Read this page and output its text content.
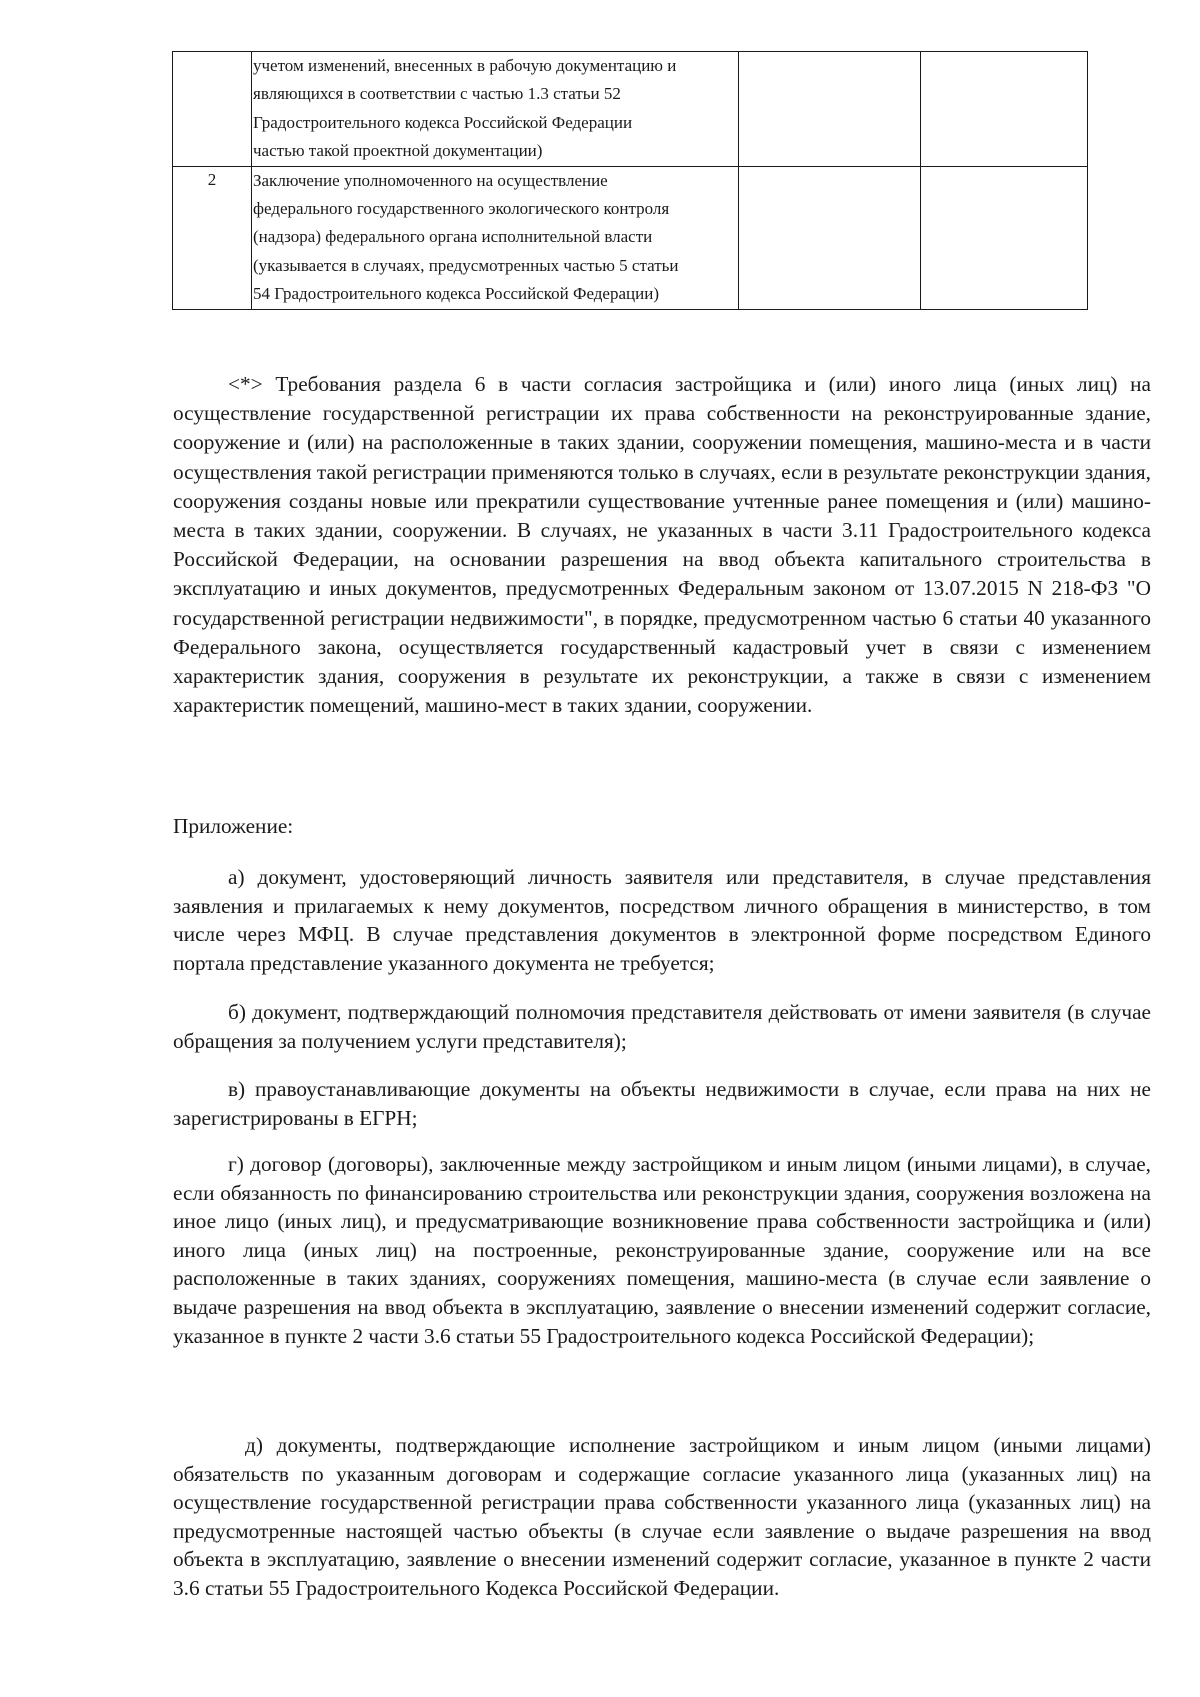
	учетом изменений, внесенных в рабочую документацию и
являющихся в соответствии с частью 1.3 статьи 52
Градостроительного кодекса Российской Федерации
частью такой проектной документации)		

2	Заключение уполномоченного на осуществление
федерального государственного экологического контроля
(надзора) федерального органа исполнительной власти
(указывается в случаях, предусмотренных частью 5 статьи
54 Градостроительного кодекса Российской Федерации)		

<*> Требования раздела 6 в части согласия застройщика и (или) иного лица (иных лиц) на осуществление государственной регистрации их права собственности на реконструированные здание, сооружение и (или) на расположенные в таких здании, сооружении помещения, машино-места и в части осуществления такой регистрации применяются только в случаях, если в результате реконструкции здания, сооружения созданы новые или прекратили существование учтенные ранее помещения и (или) машино-места в таких здании, сооружении. В случаях, не указанных в части 3.11 Градостроительного кодекса Российской Федерации, на основании разрешения на ввод объекта капитального строительства в эксплуатацию и иных документов, предусмотренных Федеральным законом от 13.07.2015 N 218-ФЗ "О государственной регистрации недвижимости", в порядке, предусмотренном частью 6 статьи 40 указанного Федерального закона, осуществляется государственный кадастровый учет в связи с изменением характеристик здания, сооружения в результате их реконструкции, а также в связи с изменением характеристик помещений, машино-мест в таких здании, сооружении.

Приложение:

а) документ, удостоверяющий личность заявителя или представителя, в случае представления заявления и прилагаемых к нему документов, посредством личного обращения в министерство, в том числе через МФЦ. В случае представления документов в электронной форме посредством Единого портала представление указанного документа не требуется;

б) документ, подтверждающий полномочия представителя действовать от имени заявителя (в случае обращения за получением услуги представителя);

в) правоустанавливающие документы на объекты недвижимости в случае, если права на них не зарегистрированы в ЕГРН;

г) договор (договоры), заключенные между застройщиком и иным лицом (иными лицами), в случае, если обязанность по финансированию строительства или реконструкции здания, сооружения возложена на иное лицо (иных лиц), и предусматривающие возникновение права собственности застройщика и (или) иного лица (иных лиц) на построенные, реконструированные здание, сооружение или на все расположенные в таких зданиях, сооружениях помещения, машино-места (в случае если заявление о выдаче разрешения на ввод объекта в эксплуатацию, заявление о внесении изменений содержит согласие, указанное в пункте 2 части 3.6 статьи 55 Градостроительного кодекса Российской Федерации);

д) документы, подтверждающие исполнение застройщиком и иным лицом (иными лицами) обязательств по указанным договорам и содержащие согласие указанного лица (указанных лиц) на осуществление государственной регистрации права собственности указанного лица (указанных лиц) на предусмотренные настоящей частью объекты (в случае если заявление о выдаче разрешения на ввод объекта в эксплуатацию, заявление о внесении изменений содержит согласие, указанное в пункте 2 части 3.6 статьи 55 Градостроительного Кодекса Российской Федерации.
